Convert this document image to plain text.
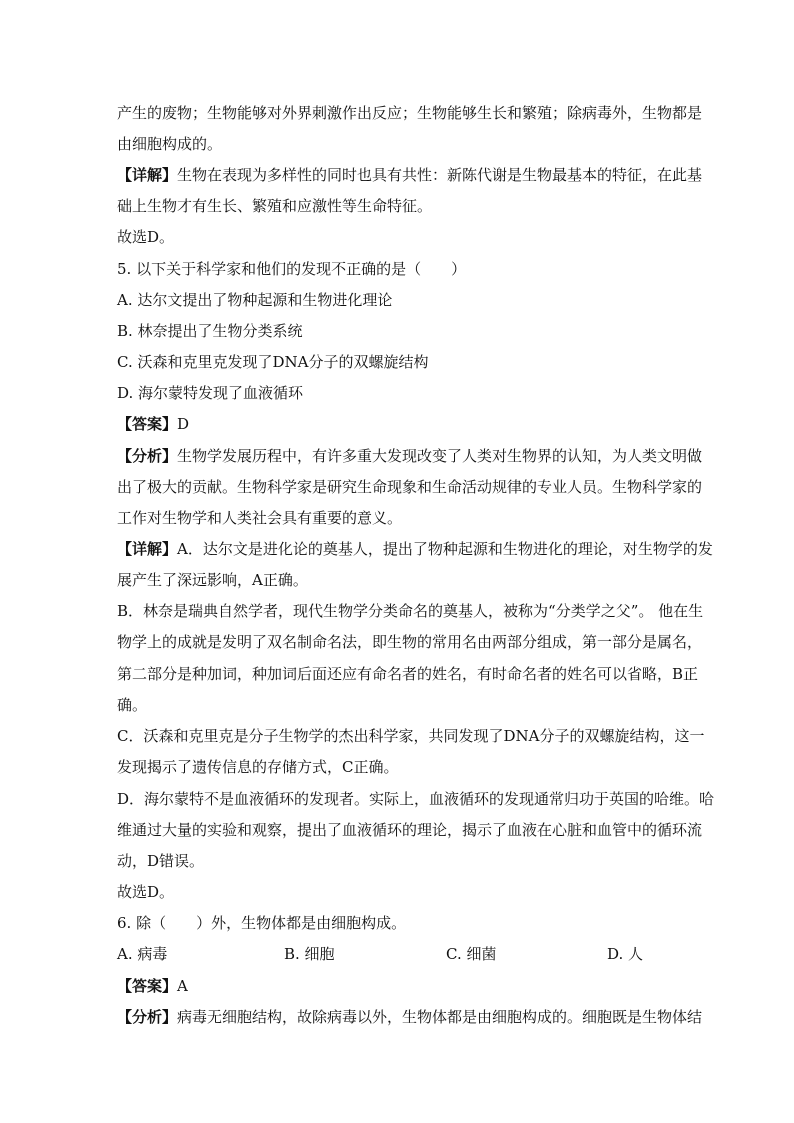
产生的废物；生物能够对外界刺激作出反应；生物能够生长和繁殖；除病毒外，生物都是
由细胞构成的。
【详解】生物在表现为多样性的同时也具有共性：新陈代谢是生物最基本的特征，在此基
础上生物才有生长、繁殖和应激性等生命特征。
故选D。
5. 以下关于科学家和他们的发现不正确的是（　　）
A. 达尔文提出了物种起源和生物进化理论
B. 林奈提出了生物分类系统
C. 沃森和克里克发现了DNA分子的双螺旋结构
D. 海尔蒙特发现了血液循环
【答案】D
【分析】生物学发展历程中，有许多重大发现改变了人类对生物界的认知，为人类文明做
出了极大的贡献。生物科学家是研究生命现象和生命活动规律的专业人员。生物科学家的
工作对生物学和人类社会具有重要的意义。
【详解】A．达尔文是进化论的奠基人，提出了物种起源和生物进化的理论，对生物学的发
展产生了深远影响，A正确。
B．林奈是瑞典自然学者，现代生物学分类命名的奠基人，被称为“分类学之父”。 他在生
物学上的成就是发明了双名制命名法，即生物的常用名由两部分组成，第一部分是属名，
第二部分是种加词，种加词后面还应有命名者的姓名，有时命名者的姓名可以省略，B正
确。
C．沃森和克里克是分子生物学的杰出科学家，共同发现了DNA分子的双螺旋结构，这一
发现揭示了遗传信息的存储方式，C正确。
D．海尔蒙特不是血液循环的发现者。实际上，血液循环的发现通常归功于英国的哈维。哈
维通过大量的实验和观察，提出了血液循环的理论，揭示了血液在心脏和血管中的循环流
动，D错误。
故选D。
6. 除（　　）外，生物体都是由细胞构成。
A. 病毒	B. 细胞	C. 细菌	D. 人
【答案】A
【分析】病毒无细胞结构，故除病毒以外，生物体都是由细胞构成的。细胞既是生物体结
